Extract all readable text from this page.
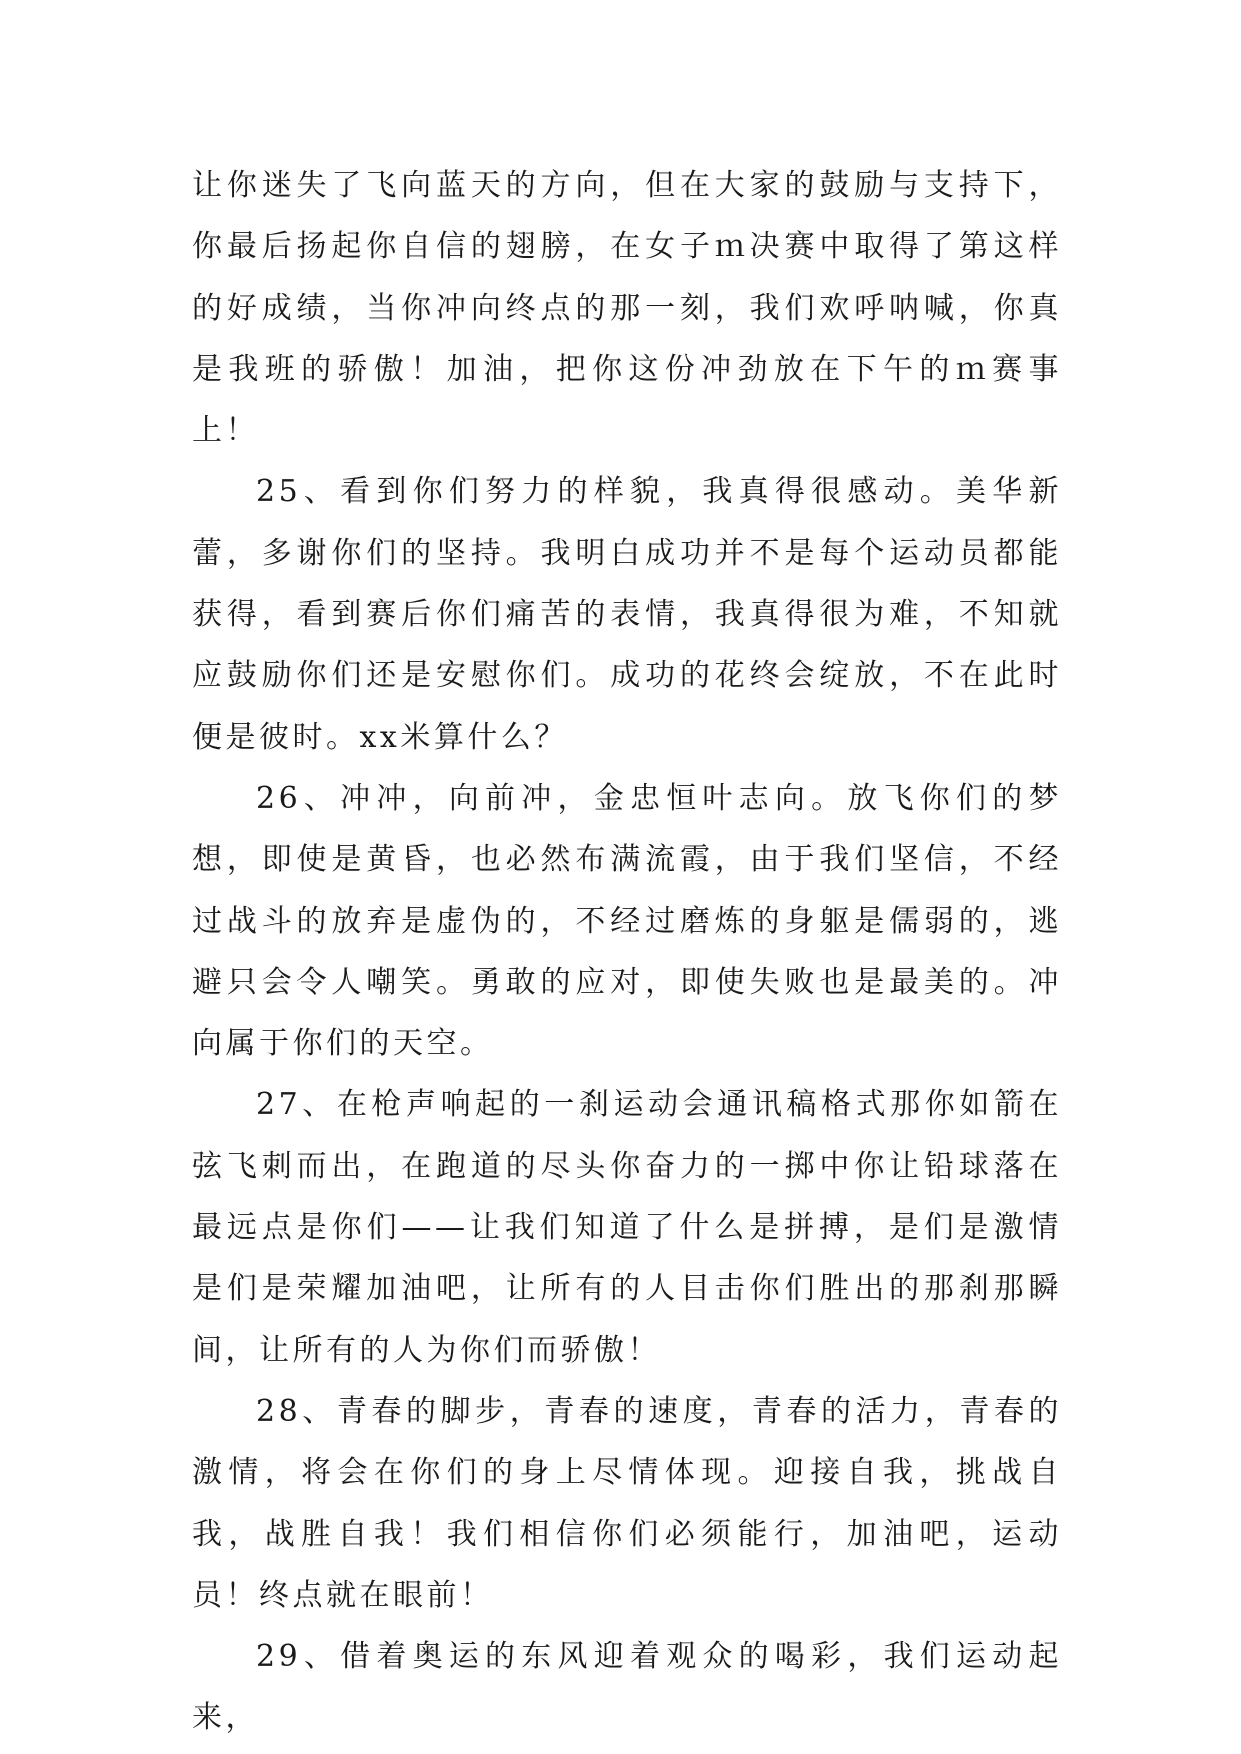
让你迷失了飞向蓝天的方向，但在大家的鼓励与支持下，你最后扬起你自信的翅膀，在女子ｍ决赛中取得了第这样的好成绩，当你冲向终点的那一刻，我们欢呼呐喊，你真是我班的骄傲！加油，把你这份冲劲放在下午的ｍ赛事上！

25、看到你们努力的样貌，我真得很感动。美华新蕾，多谢你们的坚持。我明白成功并不是每个运动员都能获得，看到赛后你们痛苦的表情，我真得很为难，不知就应鼓励你们还是安慰你们。成功的花终会绽放，不在此时便是彼时。xx米算什么？

26、冲冲，向前冲，金忠恒叶志向。放飞你们的梦想，即使是黄昏，也必然布满流霞，由于我们坚信，不经过战斗的放弃是虚伪的，不经过磨炼的身躯是儒弱的，逃避只会令人嘲笑。勇敢的应对，即使失败也是最美的。冲向属于你们的天空。

27、在枪声响起的一刹运动会通讯稿格式那你如箭在弦飞刺而出，在跑道的尽头你奋力的一掷中你让铅球落在最远点是你们——让我们知道了什么是拼搏，是们是激情是们是荣耀加油吧，让所有的人目击你们胜出的那刹那瞬间，让所有的人为你们而骄傲！

28、青春的脚步，青春的速度，青春的活力，青春的激情，将会在你们的身上尽情体现。迎接自我，挑战自我，战胜自我！我们相信你们必须能行，加油吧，运动员！终点就在眼前！

29、借着奥运的东风迎着观众的喝彩，我们运动起来，
